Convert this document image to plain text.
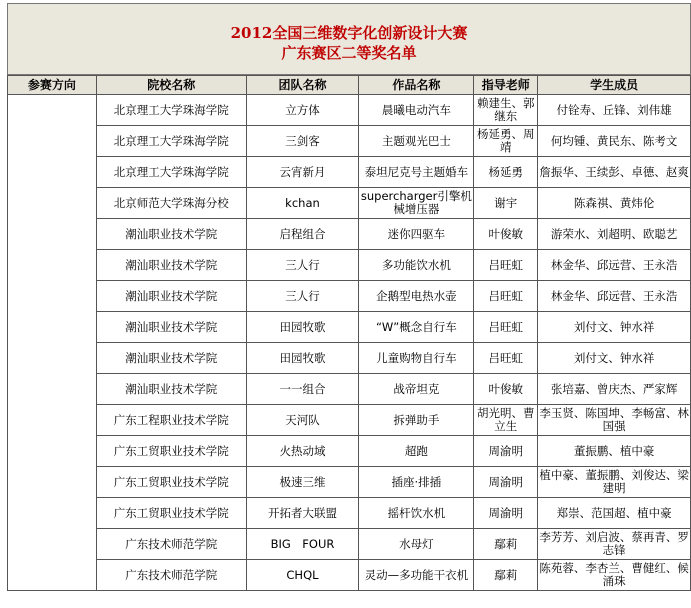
2012全国三维数字化创新设计大赛
广东赛区二等奖名单
参赛方向	院校名称	团队名称	作品名称	指导老师	学生成员
	北京理工大学珠海学院	立方体	晨曦电动汽车	赖建生、郭继东	付铨寿、丘锋、刘伟雄
	北京理工大学珠海学院	三剑客	主题观光巴士	杨延勇、周靖	何均锺、黄民东、陈考文
	北京理工大学珠海学院	云宵新月	泰坦尼克号主题婚车	杨延勇	詹振华、王续彭、卓德、赵爽
	北京师范大学珠海分校	kchan	supercharger引擎机械增压器	谢宇	陈森祺、黄炜伦
	潮汕职业技术学院	启程组合	迷你四驱车	叶俊敏	游荣水、刘超明、欧聪艺
	潮汕职业技术学院	三人行	多功能饮水机	吕旺虹	林金华、邱远营、王永浩
	潮汕职业技术学院	三人行	企鹅型电热水壶	吕旺虹	林金华、邱远营、王永浩
	潮汕职业技术学院	田园牧歌	“W”概念自行车	吕旺虹	刘付文、钟水祥
	潮汕职业技术学院	田园牧歌	儿童购物自行车	吕旺虹	刘付文、钟水祥
	潮汕职业技术学院	一一组合	战帝坦克	叶俊敏	张培嘉、曾庆杰、严家辉
	广东工程职业技术学院	天河队	拆弹助手	胡光明、曹立生	李玉贤、陈国坤、李畅富、林国强
	广东工贸职业技术学院	火热动域	超跑	周渝明	董振鹏、植中豪
	广东工贸职业技术学院	极速三维	插座·排插	周渝明	植中豪、董振鹏、刘俊达、梁建明
	广东工贸职业技术学院	开拓者大联盟	摇杆饮水机	周渝明	郑崇、范国超、植中豪
	广东技术师范学院	BIG　FOUR	水母灯	鄢莉	李芳芳、刘启波、蔡再青、罗志锋
	广东技术师范学院	CHQL	灵动—多功能干衣机	鄢莉	陈苑蓉、李杏兰、曹健红、候涌珠
